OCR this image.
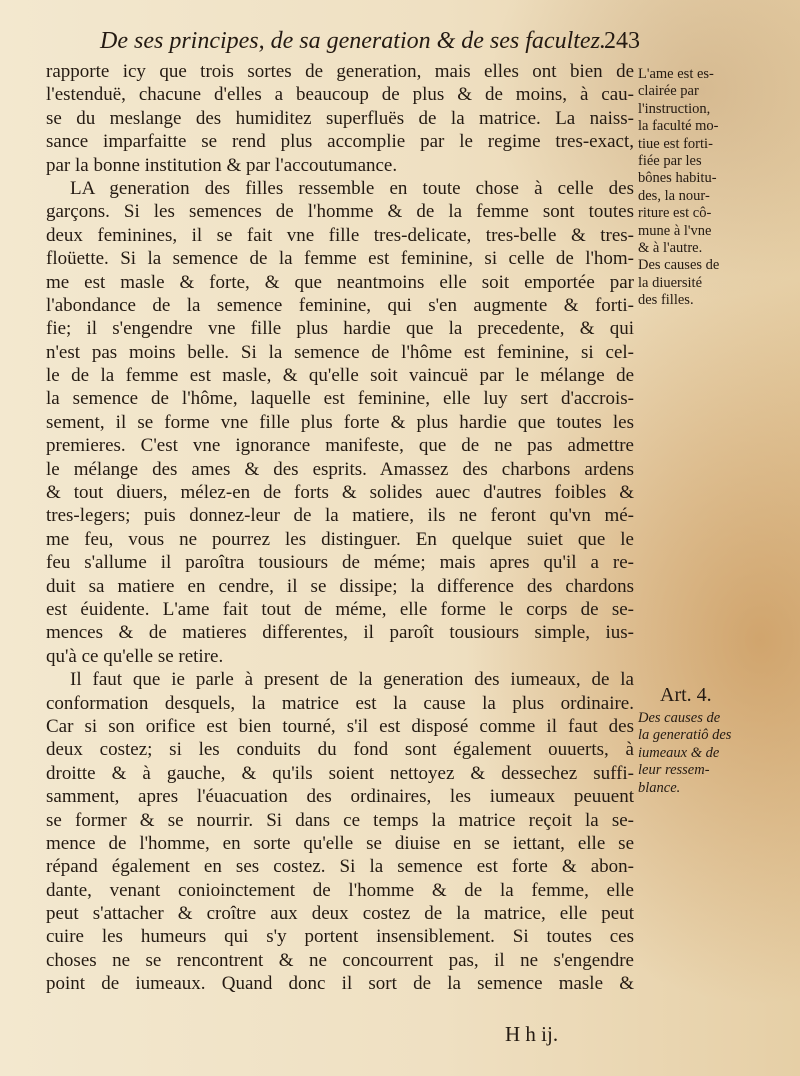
De ses principes, de sa generation & de ses facultez.
243
rapporte icy que trois sortes de generation, mais elles ont bien de
l'estenduë, chacune d'elles a beaucoup de plus & de moins, à cau-
se du meslange des humiditez superfluës de la matrice. La naiss-
sance imparfaitte se rend plus accomplie par le regime tres-exact,
par la bonne institution & par l'accoutumance.
LA generation des filles ressemble en toute chose à celle des
garçons. Si les semences de l'homme & de la femme sont toutes
deux feminines, il se fait vne fille tres-delicate, tres-belle & tres-
floüette. Si la semence de la femme est feminine, si celle de l'hom-
me est masle & forte, & que neantmoins elle soit emportée par
l'abondance de la semence feminine, qui s'en augmente & forti-
fie; il s'engendre vne fille plus hardie que la precedente, & qui
n'est pas moins belle. Si la semence de l'hôme est feminine, si cel-
le de la femme est masle, & qu'elle soit vaincuë par le mélange de
la semence de l'hôme, laquelle est feminine, elle luy sert d'accrois-
sement, il se forme vne fille plus forte & plus hardie que toutes les
premieres. C'est vne ignorance manifeste, que de ne pas admettre
le mélange des ames & des esprits. Amassez des charbons ardens
& tout diuers, mélez-en de forts & solides auec d'autres foibles &
tres-legers; puis donnez-leur de la matiere, ils ne feront qu'vn mé-
me feu, vous ne pourrez les distinguer. En quelque suiet que le
feu s'allume il paroîtra tousiours de méme; mais apres qu'il a re-
duit sa matiere en cendre, il se dissipe; la difference des chardons
est éuidente. L'ame fait tout de méme, elle forme le corps de se-
mences & de matieres differentes, il paroît tousiours simple, ius-
qu'à ce qu'elle se retire.
Il faut que ie parle à present de la generation des iumeaux, de la
conformation desquels, la matrice est la cause la plus ordinaire.
Car si son orifice est bien tourné, s'il est disposé comme il faut des
deux costez; si les conduits du fond sont également ouuerts, à
droitte & à gauche, & qu'ils soient nettoyez & dessechez suffi-
samment, apres l'éuacuation des ordinaires, les iumeaux peuuent
se former & se nourrir. Si dans ce temps la matrice reçoit la se-
mence de l'homme, en sorte qu'elle se diuise en se iettant, elle se
répand également en ses costez. Si la semence est forte & abon-
dante, venant conioinctement de l'homme & de la femme, elle
peut s'attacher & croître aux deux costez de la matrice, elle peut
cuire les humeurs qui s'y portent insensiblement. Si toutes ces
choses ne se rencontrent & ne concourrent pas, il ne s'engendre
point de iumeaux. Quand donc il sort de la semence masle &
L'ame est es-
clairée par
l'instruction,
la faculté mo-
tiue est forti-
fiée par les
bônes habitu-
des, la nour-
riture est cô-
mune à l'vne
& à l'autre.
Des causes de
la diuersité
des filles.
Art. 4.
Des causes de
la generatiô des
iumeaux & de
leur ressem-
blance.
H h ij.
